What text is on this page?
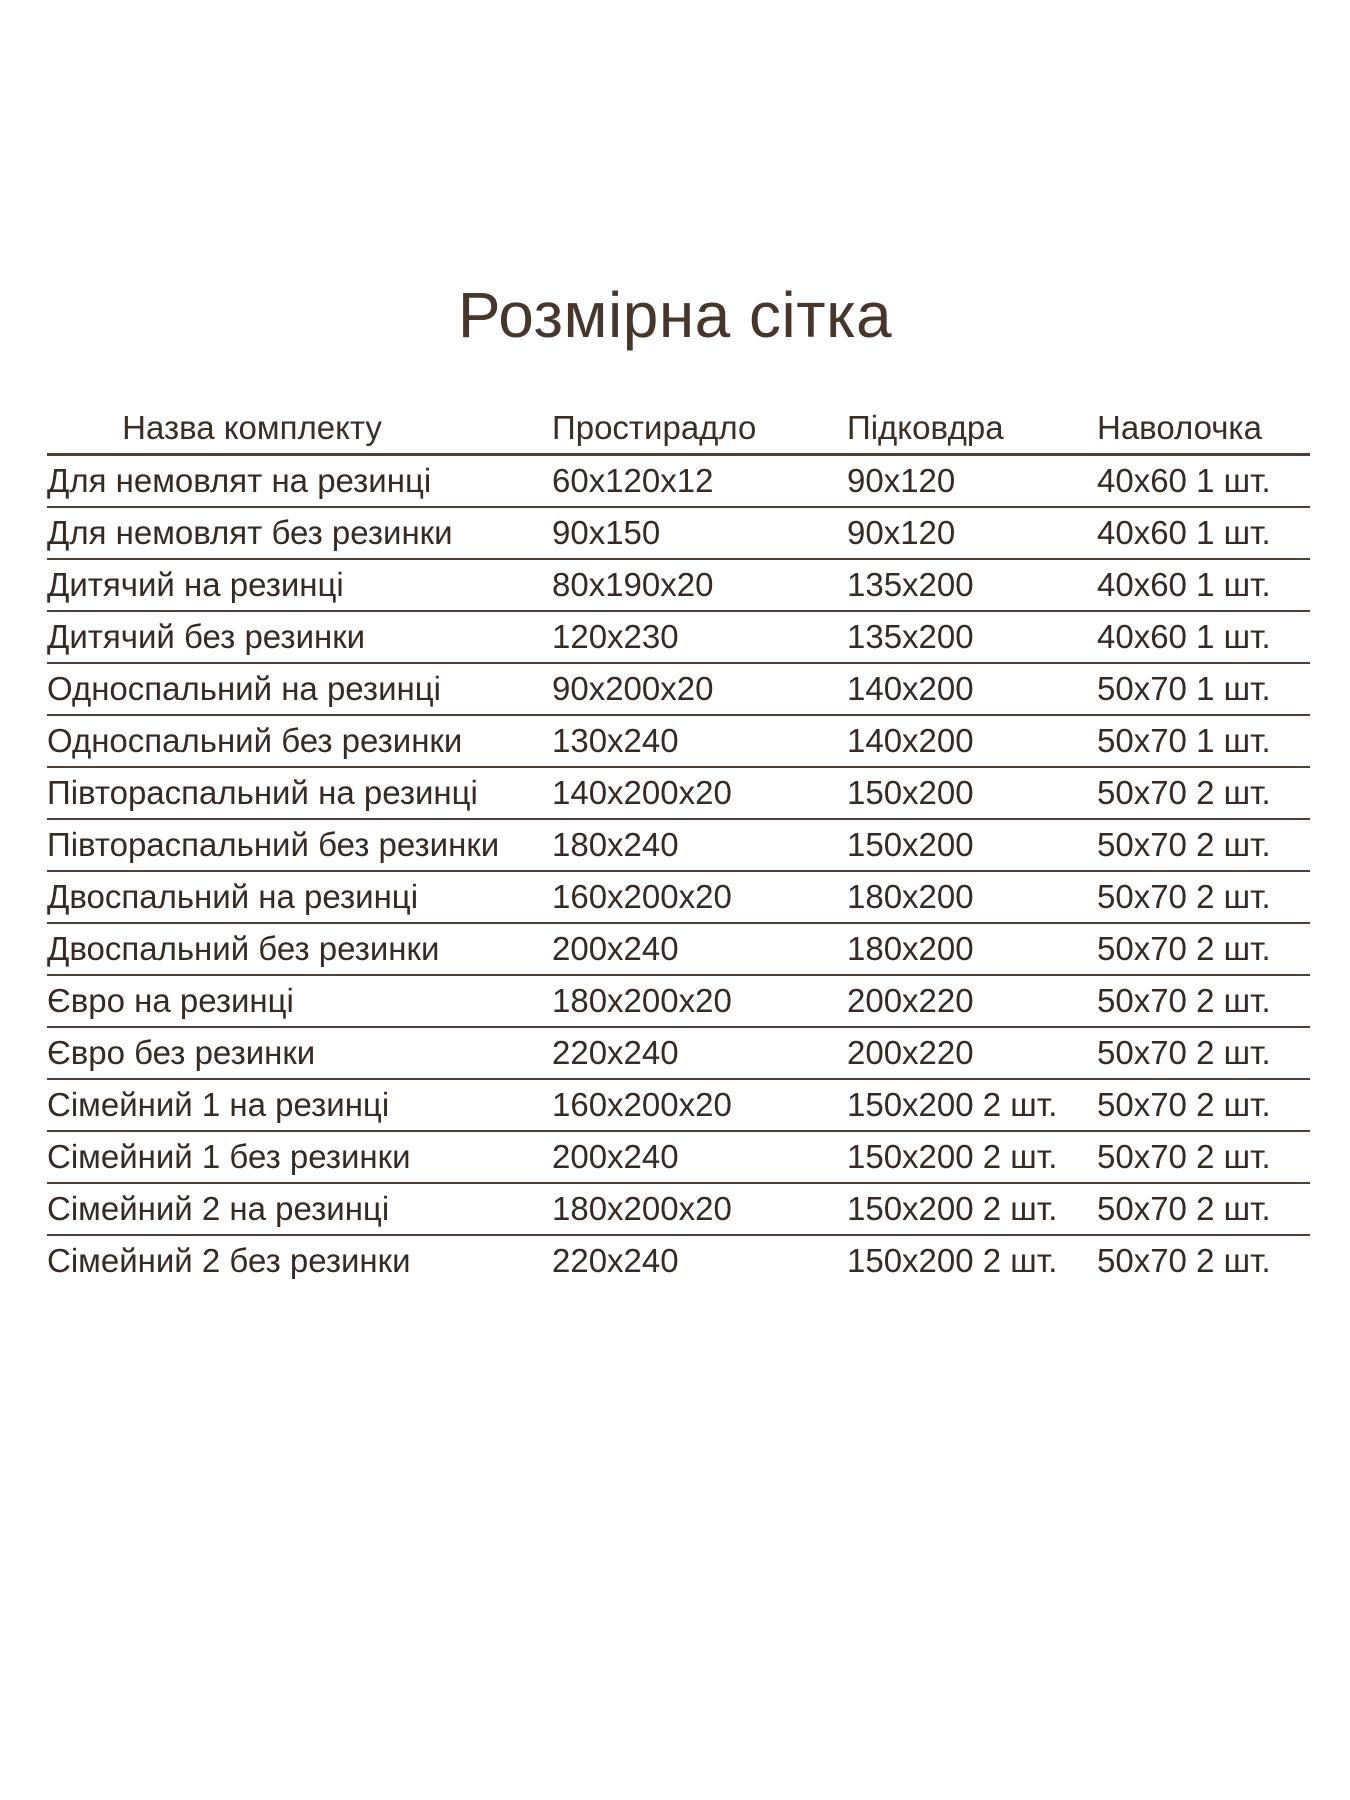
Розмірна сітка
Назва комплекту	Простирадло	Підковдра	Наволочка
Для немовлят на резинці	60х120х12	90х120	40х60 1 шт.
Для немовлят без резинки	90х150	90х120	40х60 1 шт.
Дитячий на резинці	80х190х20	135х200	40х60 1 шт.
Дитячий без резинки	120х230	135х200	40х60 1 шт.
Односпальний на резинці	90х200х20	140х200	50х70 1 шт.
Односпальний без резинки	130х240	140х200	50х70 1 шт.
Півтораспальний на резинці	140х200х20	150х200	50х70 2 шт.
Півтораспальний без резинки	180х240	150х200	50х70 2 шт.
Двоспальний на резинці	160х200х20	180х200	50х70 2 шт.
Двоспальний без резинки	200х240	180х200	50х70 2 шт.
Євро на резинці	180х200х20	200х220	50х70 2 шт.
Євро без резинки	220х240	200х220	50х70 2 шт.
Сімейний 1 на резинці	160х200х20	150х200 2 шт.	50х70 2 шт.
Сімейний 1 без резинки	200х240	150х200 2 шт.	50х70 2 шт.
Сімейний 2 на резинці	180х200х20	150х200 2 шт.	50х70 2 шт.
Сімейний 2 без резинки	220х240	150х200 2 шт.	50х70 2 шт.
